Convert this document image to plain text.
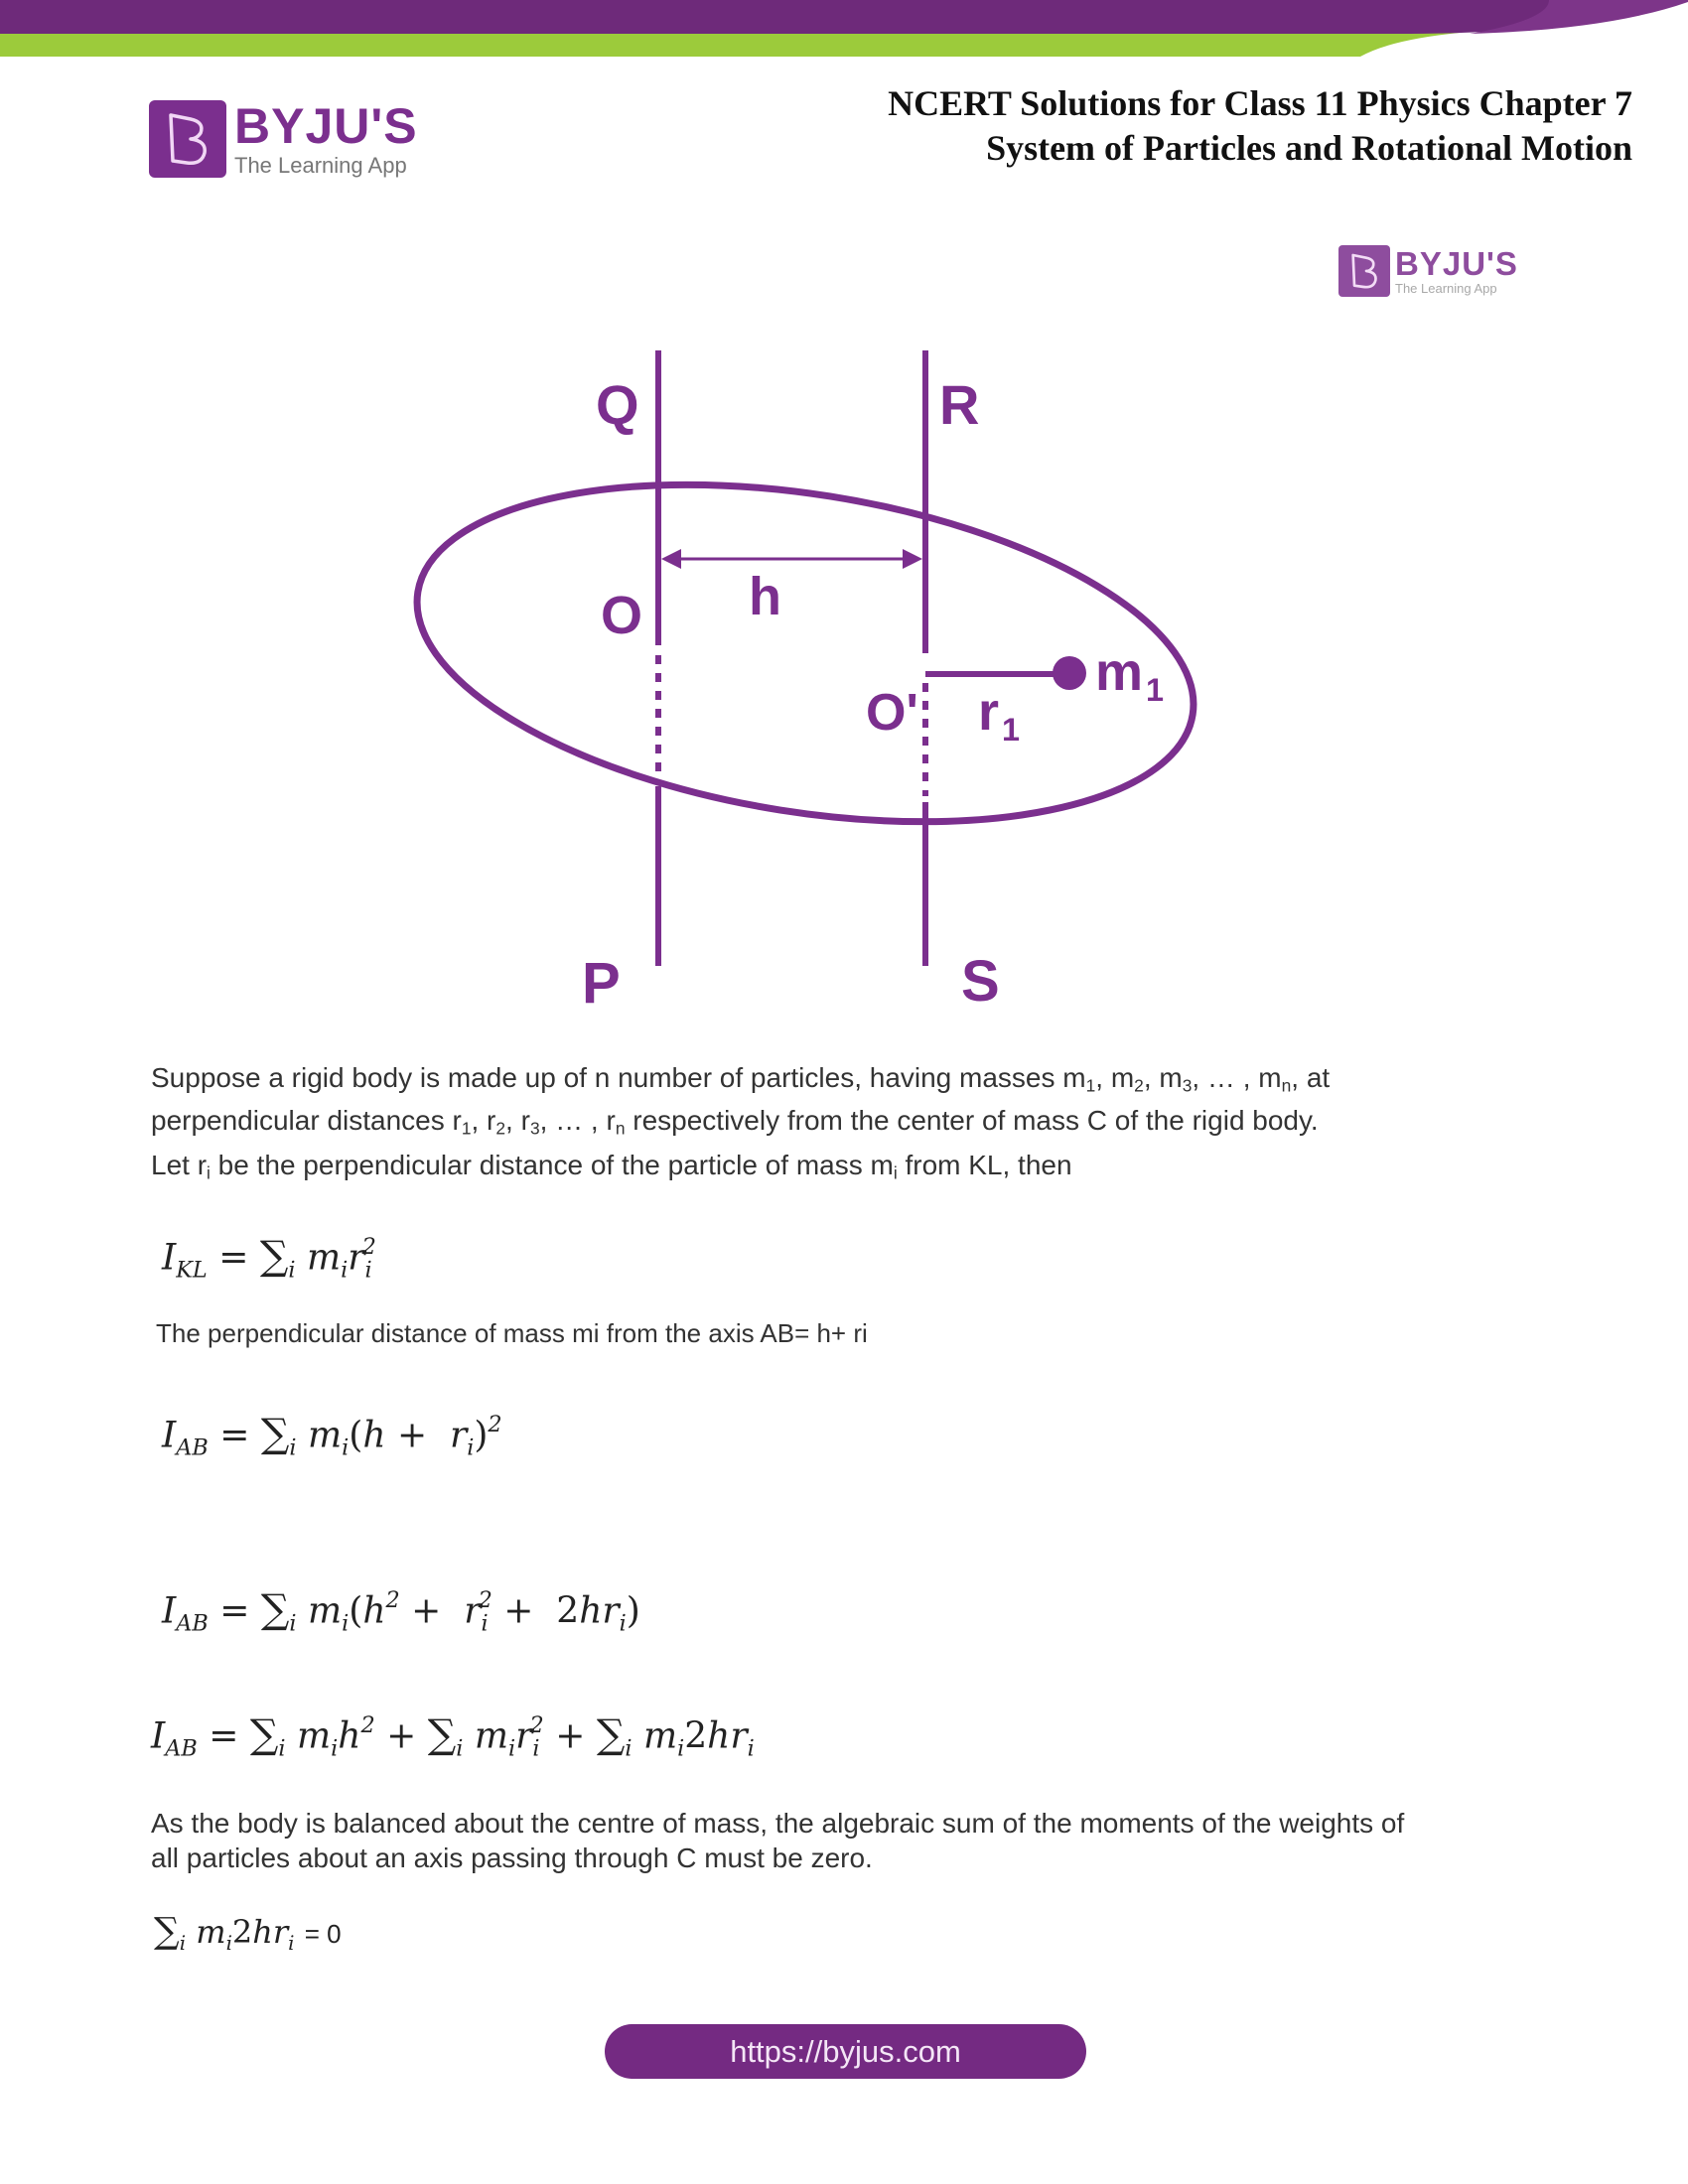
BYJU'S
The Learning App
NCERT Solutions for Class 11 Physics Chapter 7
System of Particles and Rotational Motion
BYJU'S
The Learning App
Q	R
O h
O' $r_1$
$m_1$
P	S
Suppose a rigid body is made up of n number of particles, having masses $m_1$, $m_2$, $m_3$, … , $m_n$, at
perpendicular distances $r_1$, $r_2$, $r_3$, … , $r_n$ respectively from the center of mass C of the rigid body.
Let $r_i$ be the perpendicular distance of the particle of mass $m_i$ from KL, then
$I_{KL} = \sum_i$ $m_ir_i^2$
The perpendicular distance of mass mi from the axis AB= h+ ri
$I_{AB} = \sum_i$ $m_i(h + r_i)^2$
$I_{AB} = \sum_i$ $m_i(h^2 + r_i^2 + 2hr_i)$
$I_{AB} = \sum_i$ $m_ih^2 + \sum_i$ $m_ir_i^2 + \sum_i$ $m_i2hr_i$
As the body is balanced about the centre of mass, the algebraic sum of the moments of the weights of
all particles about an axis passing through C must be zero.
$\sum_i$ $m_i2hr_i = 0$
https://byjus.com
